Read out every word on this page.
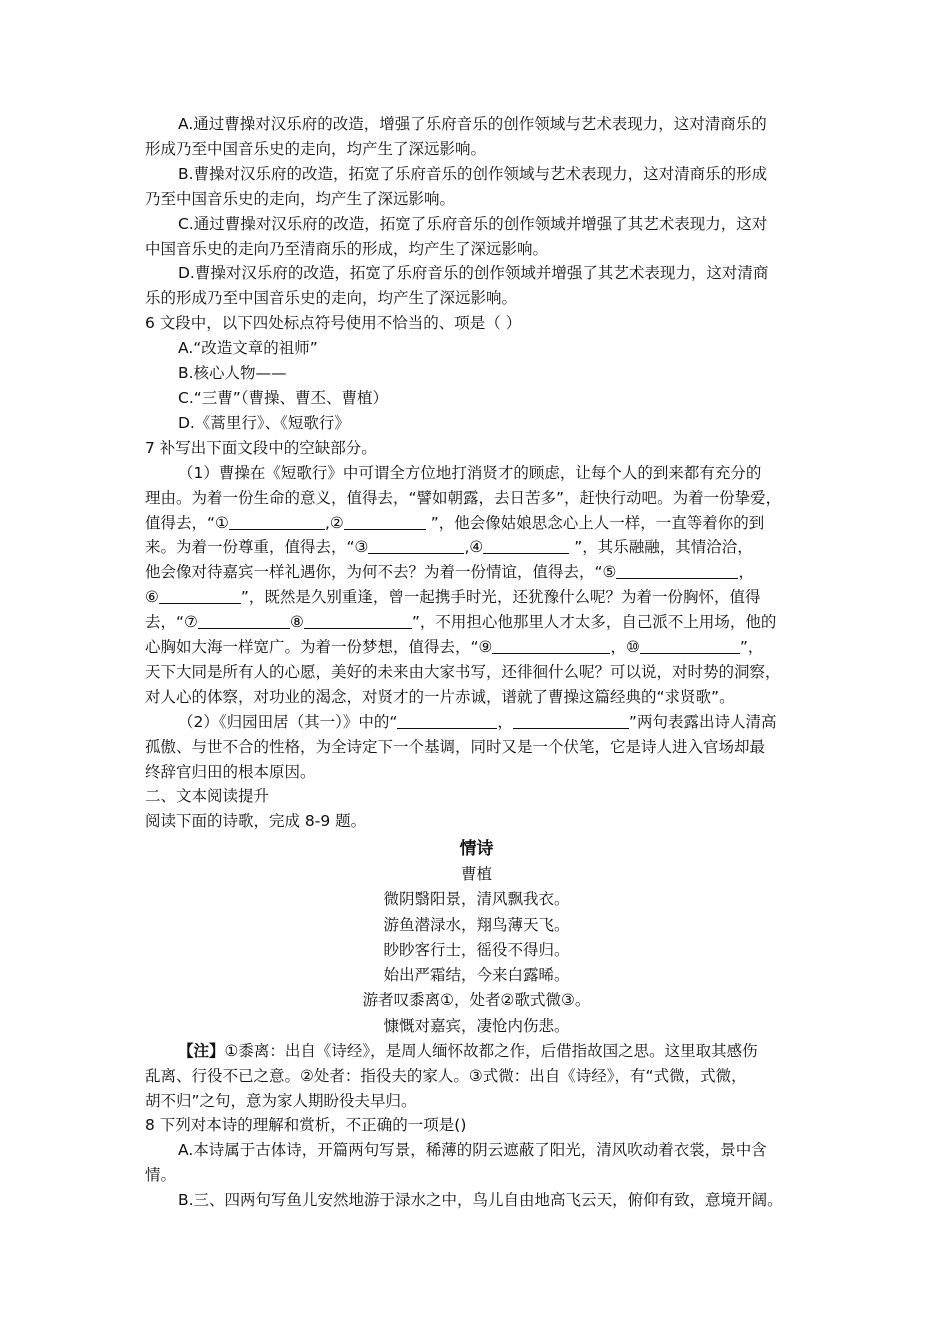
A.通过曹操对汉乐府的改造，增强了乐府音乐的创作领域与艺术表现力，这对清商乐的
形成乃至中国音乐史的走向，均产生了深远影响。
B.曹操对汉乐府的改造，拓宽了乐府音乐的创作领域与艺术表现力，这对清商乐的形成
乃至中国音乐史的走向，均产生了深远影响。
C.通过曹操对汉乐府的改造，拓宽了乐府音乐的创作领域并增强了其艺术表现力，这对
中国音乐史的走向乃至清商乐的形成，均产生了深远影响。
D.曹操对汉乐府的改造，拓宽了乐府音乐的创作领域并增强了其艺术表现力，这对清商
乐的形成乃至中国音乐史的走向，均产生了深远影响。
6 文段中，以下四处标点符号使用不恰当的、项是（ ）
A.“改造文章的祖师”
B.核心人物——
C.“三曹”（曹操、曹丕、曹植）
D.《蒿里行》、《短歌行》
7 补写出下面文段中的空缺部分。
（1）曹操在《短歌行》中可谓全方位地打消贤才的顾虑，让每个人的到来都有充分的
理由。为着一份生命的意义，值得去，“譬如朝露，去日苦多”，赶快行动吧。为着一份挚爱，
值得去，“①	,②	”，他会像姑娘思念心上人一样，一直等着你的到
来。为着一份尊重，值得去，“③	,④	”，其乐融融，其情洽洽，
他会像对待嘉宾一样礼遇你，为何不去？为着一份情谊，值得去，“⑤	，
⑥	”，既然是久别重逢，曾一起携手时光，还犹豫什么呢？为着一份胸怀，值得
去，“⑦	⑧	”，不用担心他那里人才太多，自己派不上用场，他的
心胸如大海一样宽广。为着一份梦想，值得去，“⑨	，⑩	”，
天下大同是所有人的心愿，美好的未来由大家书写，还徘徊什么呢？可以说，对时势的洞察，
对人心的体察，对功业的渴念，对贤才的一片赤诚，谱就了曹操这篇经典的“求贤歌”。
（2）《归园田居（其一）》中的“	，	”两句表露出诗人清高
孤傲、与世不合的性格，为全诗定下一个基调，同时又是一个伏笔，它是诗人进入官场却最
终辞官归田的根本原因。
二、文本阅读提升
阅读下面的诗歌，完成 8-9 题。
情诗
曹植
微阴翳阳景，清风飘我衣。
游鱼潜渌水，翔鸟薄天飞。
眇眇客行士，徭役不得归。
始出严霜结，今来白露晞。
游者叹黍离①，处者②歌式微③。
慷慨对嘉宾，凄怆内伤悲。
【注】①黍离：出自《诗经》，是周人缅怀故都之作，后借指故国之思。这里取其感伤
乱离、行役不已之意。②处者：指役夫的家人。③式微：出自《诗经》，有“式微，式微，
胡不归”之句，意为家人期盼役夫早归。
8 下列对本诗的理解和赏析，不正确的一项是()
A.本诗属于古体诗，开篇两句写景，稀薄的阴云遮蔽了阳光，清风吹动着衣裳，景中含
情。
B.三、四两句写鱼儿安然地游于渌水之中，鸟儿自由地高飞云天，俯仰有致，意境开阔。
